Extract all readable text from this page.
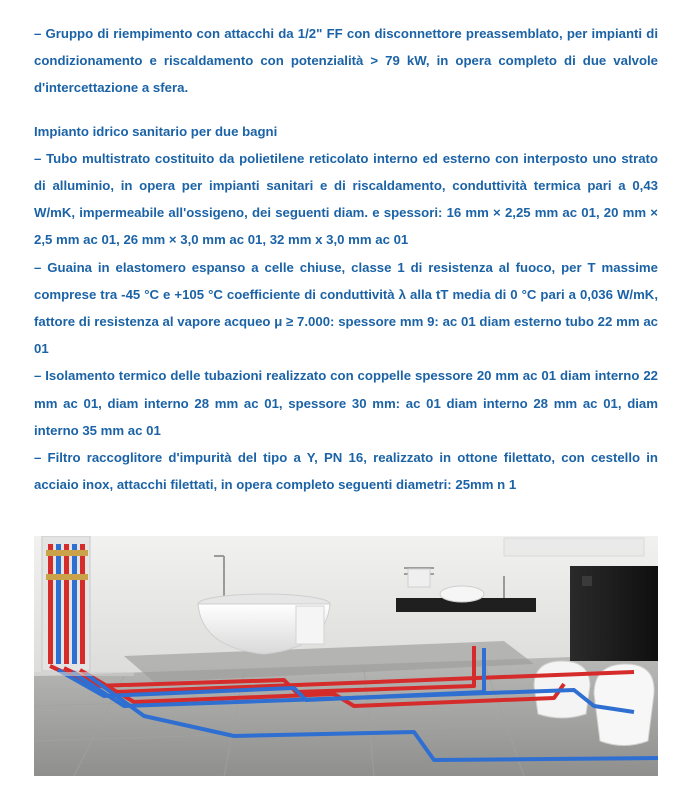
– Gruppo di riempimento con attacchi da 1/2" FF con disconnettore preassemblato, per impianti di condizionamento e riscaldamento con potenzialità > 79 kW, in opera completo di due valvole d'intercettazione a sfera.

Impianto idrico sanitario per due bagni

– Tubo multistrato costituito da polietilene reticolato interno ed esterno con interposto uno strato di alluminio, in opera per impianti sanitari e di riscaldamento, conduttività termica pari a 0,43 W/mK, impermeabile all'ossigeno, dei seguenti diam. e spessori: 16 mm × 2,25 mm ac 01, 20 mm × 2,5 mm ac 01, 26 mm × 3,0 mm ac 01, 32 mm x 3,0 mm ac 01

– Guaina in elastomero espanso a celle chiuse, classe 1 di resistenza al fuoco, per T massime comprese tra -45 °C e +105 °C coefficiente di conduttività λ alla tT media di 0 °C pari a 0,036 W/mK, fattore di resistenza al vapore acqueo μ ≥ 7.000: spessore mm 9: ac 01 diam esterno tubo 22 mm ac 01

– Isolamento termico delle tubazioni realizzato con coppelle spessore 20 mm ac 01 diam interno 22 mm ac 01, diam interno 28 mm ac 01, spessore 30 mm: ac 01 diam interno 28 mm ac 01, diam interno 35 mm ac 01

– Filtro raccoglitore d'impurità del tipo a Y, PN 16, realizzato in ottone filettato, con cestello in acciaio inox, attacchi filettati, in opera completo seguenti diametri: 25mm n 1
